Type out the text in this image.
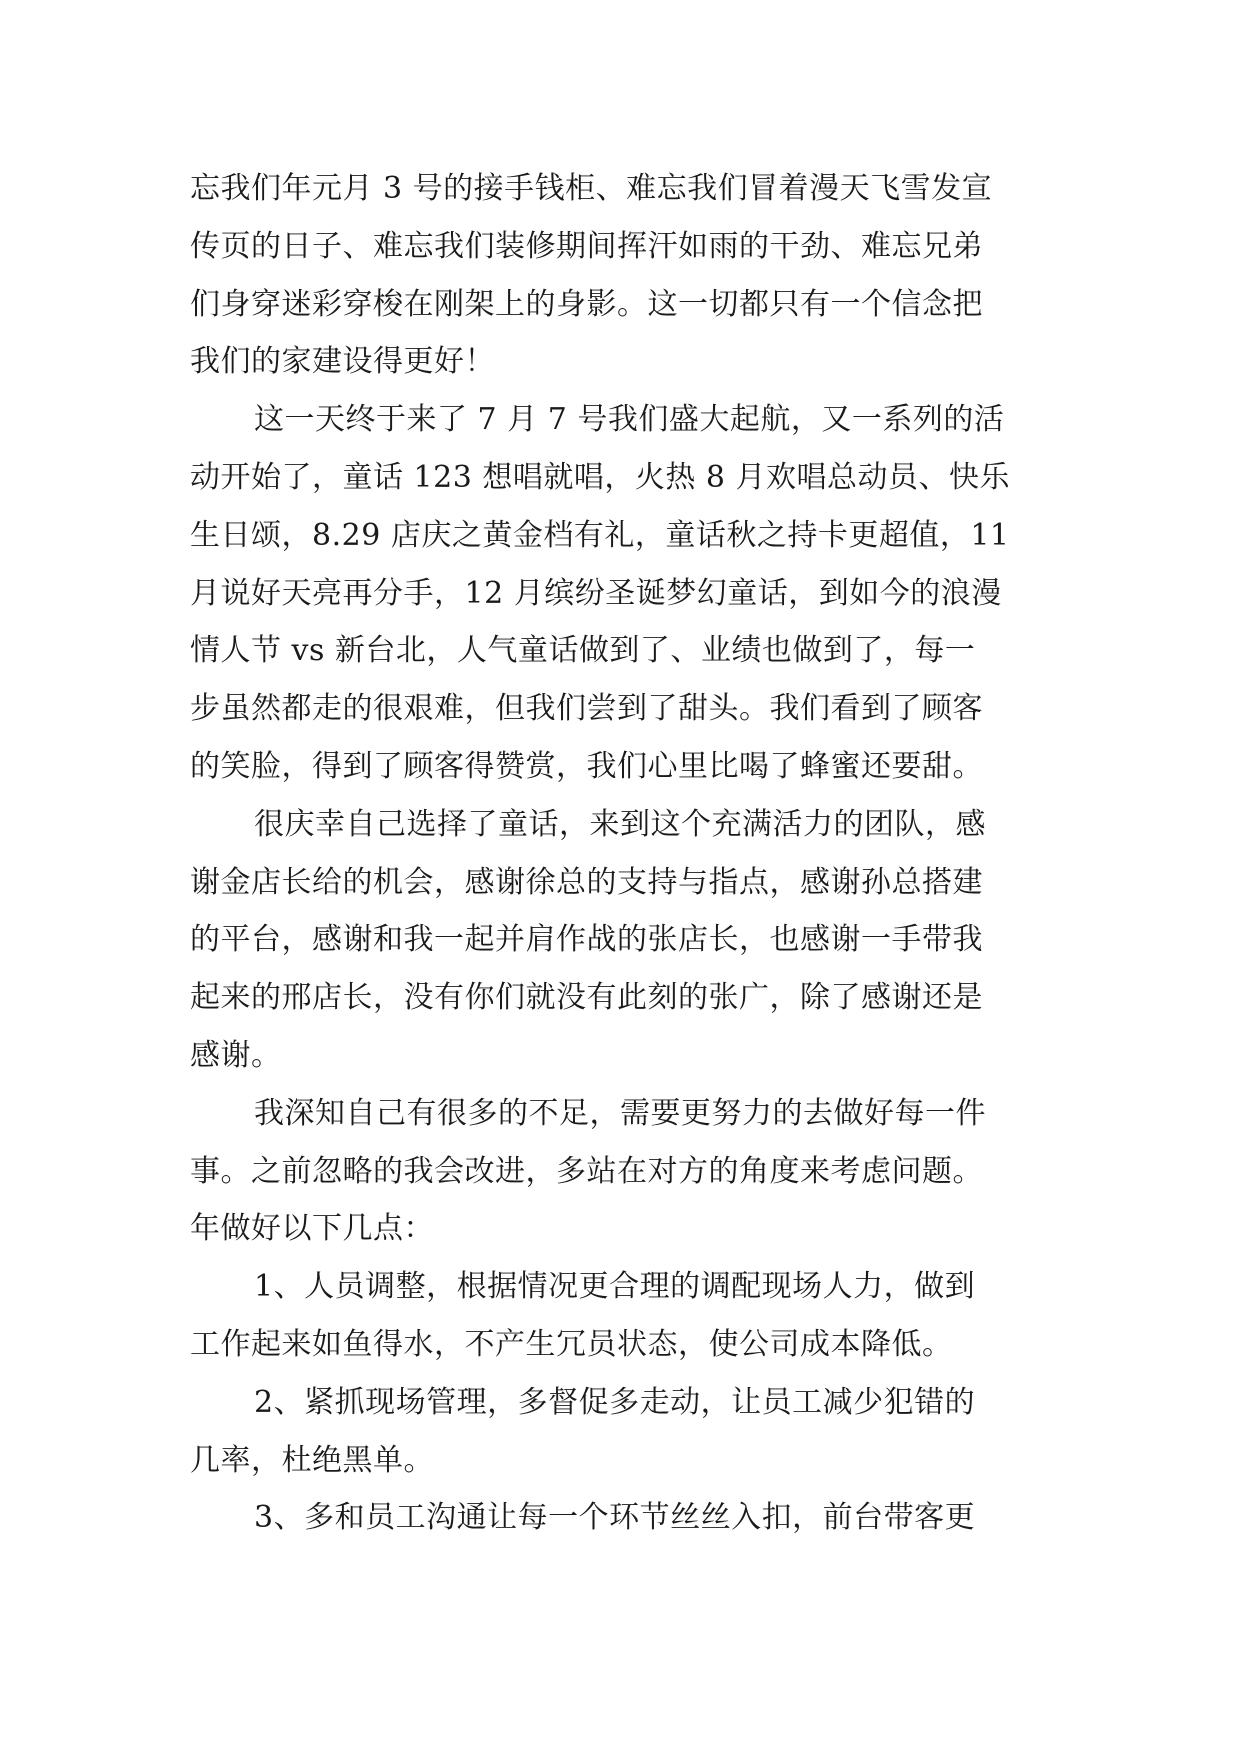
忘我们年元月 3 号的接手钱柜、难忘我们冒着漫天飞雪发宣
传页的日子、难忘我们装修期间挥汗如雨的干劲、难忘兄弟
们身穿迷彩穿梭在刚架上的身影。这一切都只有一个信念把
我们的家建设得更好！
这一天终于来了 7 月 7 号我们盛大起航，又一系列的活
动开始了，童话 123 想唱就唱，火热 8 月欢唱总动员、快乐
生日颂，8.29 店庆之黄金档有礼，童话秋之持卡更超值，11
月说好天亮再分手，12 月缤纷圣诞梦幻童话，到如今的浪漫
情人节 vs 新台北，人气童话做到了、业绩也做到了，每一
步虽然都走的很艰难，但我们尝到了甜头。我们看到了顾客
的笑脸，得到了顾客得赞赏，我们心里比喝了蜂蜜还要甜。
很庆幸自己选择了童话，来到这个充满活力的团队，感
谢金店长给的机会，感谢徐总的支持与指点，感谢孙总搭建
的平台，感谢和我一起并肩作战的张店长，也感谢一手带我
起来的邢店长，没有你们就没有此刻的张广，除了感谢还是
感谢。
我深知自己有很多的不足，需要更努力的去做好每一件
事。之前忽略的我会改进，多站在对方的角度来考虑问题。
年做好以下几点：
1、人员调整，根据情况更合理的调配现场人力，做到
工作起来如鱼得水，不产生冗员状态，使公司成本降低。
2、紧抓现场管理，多督促多走动，让员工减少犯错的
几率，杜绝黑单。
3、多和员工沟通让每一个环节丝丝入扣，前台带客更
